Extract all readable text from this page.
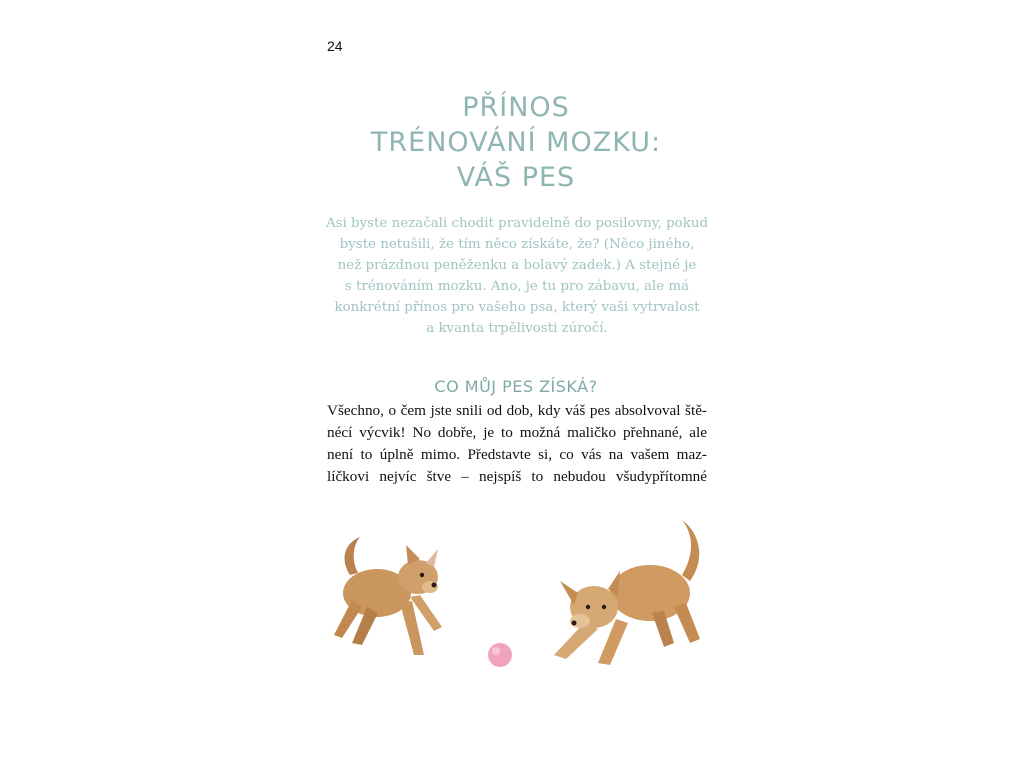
24
PŘÍNOS
TRÉNOVÁNÍ MOZKU:
VÁŠ PES
Asi byste nezačali chodit pravidelně do posilovny, pokud
byste netušili, že tím něco získáte, že? (Něco jiného,
než prázdnou peněženku a bolavý zadek.) A stejné je
s trénováním mozku. Ano, je tu pro zábavu, ale má
konkrétní přínos pro vašeho psa, který vaši vytrvalost
a kvanta trpělivosti zúročí.
CO MŮJ PES ZÍSKÁ?
Všechno, o čem jste snili od dob, kdy váš pes absolvoval ště-
nécí výcvik! No dobře, je to možná maličko přehnané, ale
není to úplně mimo. Představte si, co vás na vašem maz-
líčkovi nejvíc štve – nejspíš to nebudou všudypřítomné
